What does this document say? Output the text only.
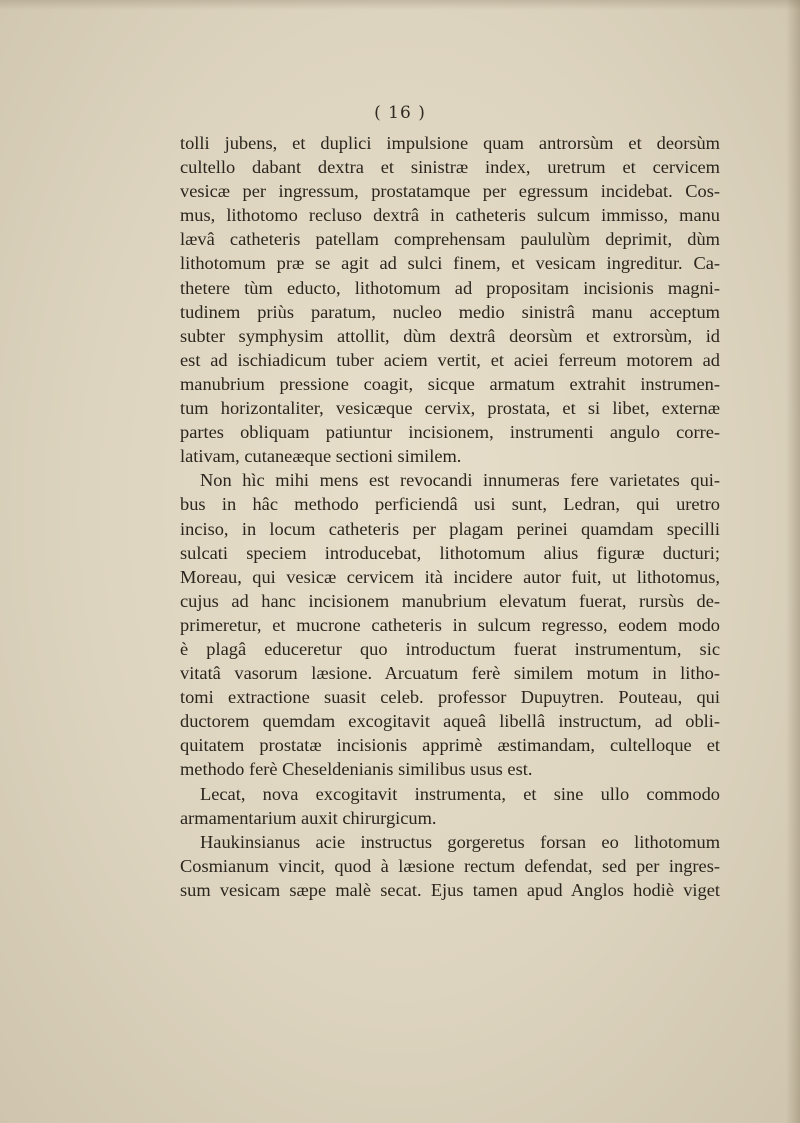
( 16 )
tolli jubens, et duplici impulsione quam antrorsùm et deorsùm
cultello dabant dextra et sinistræ index, uretrum et cervicem
vesicæ per ingressum, prostatamque per egressum incidebat. Cos-
mus, lithotomo recluso dextrâ in catheteris sulcum immisso, manu
lævâ catheteris patellam comprehensam paululùm deprimit, dùm
lithotomum præ se agit ad sulci finem, et vesicam ingreditur. Ca-
thetere tùm educto, lithotomum ad propositam incisionis magni-
tudinem priùs paratum, nucleo medio sinistrâ manu acceptum
subter symphysim attollit, dùm dextrâ deorsùm et extrorsùm, id
est ad ischiadicum tuber aciem vertit, et aciei ferreum motorem ad
manubrium pressione coagit, sicque armatum extrahit instrumen-
tum horizontaliter, vesicæque cervix, prostata, et si libet, externæ
partes obliquam patiuntur incisionem, instrumenti angulo corre-
lativam, cutaneæque sectioni similem.
Non hìc mihi mens est revocandi innumeras fere varietates qui-
bus in hâc methodo perficiendâ usi sunt, Ledran, qui uretro
inciso, in locum catheteris per plagam perinei quamdam specilli
sulcati speciem introducebat, lithotomum alius figuræ ducturi;
Moreau, qui vesicæ cervicem ità incidere autor fuit, ut lithotomus,
cujus ad hanc incisionem manubrium elevatum fuerat, rursùs de-
primeretur, et mucrone catheteris in sulcum regresso, eodem modo
è plagâ educeretur quo introductum fuerat instrumentum, sic
vitatâ vasorum læsione. Arcuatum ferè similem motum in litho-
tomi extractione suasit celeb. professor Dupuytren. Pouteau, qui
ductorem quemdam excogitavit aqueâ libellâ instructum, ad obli-
quitatem prostatæ incisionis apprimè æstimandam, cultelloque et
methodo ferè Cheseldenianis similibus usus est.
Lecat, nova excogitavit instrumenta, et sine ullo commodo
armamentarium auxit chirurgicum.
Haukinsianus acie instructus gorgeretus forsan eo lithotomum
Cosmianum vincit, quod à læsione rectum defendat, sed per ingres-
sum vesicam sæpe malè secat. Ejus tamen apud Anglos hodiè viget
